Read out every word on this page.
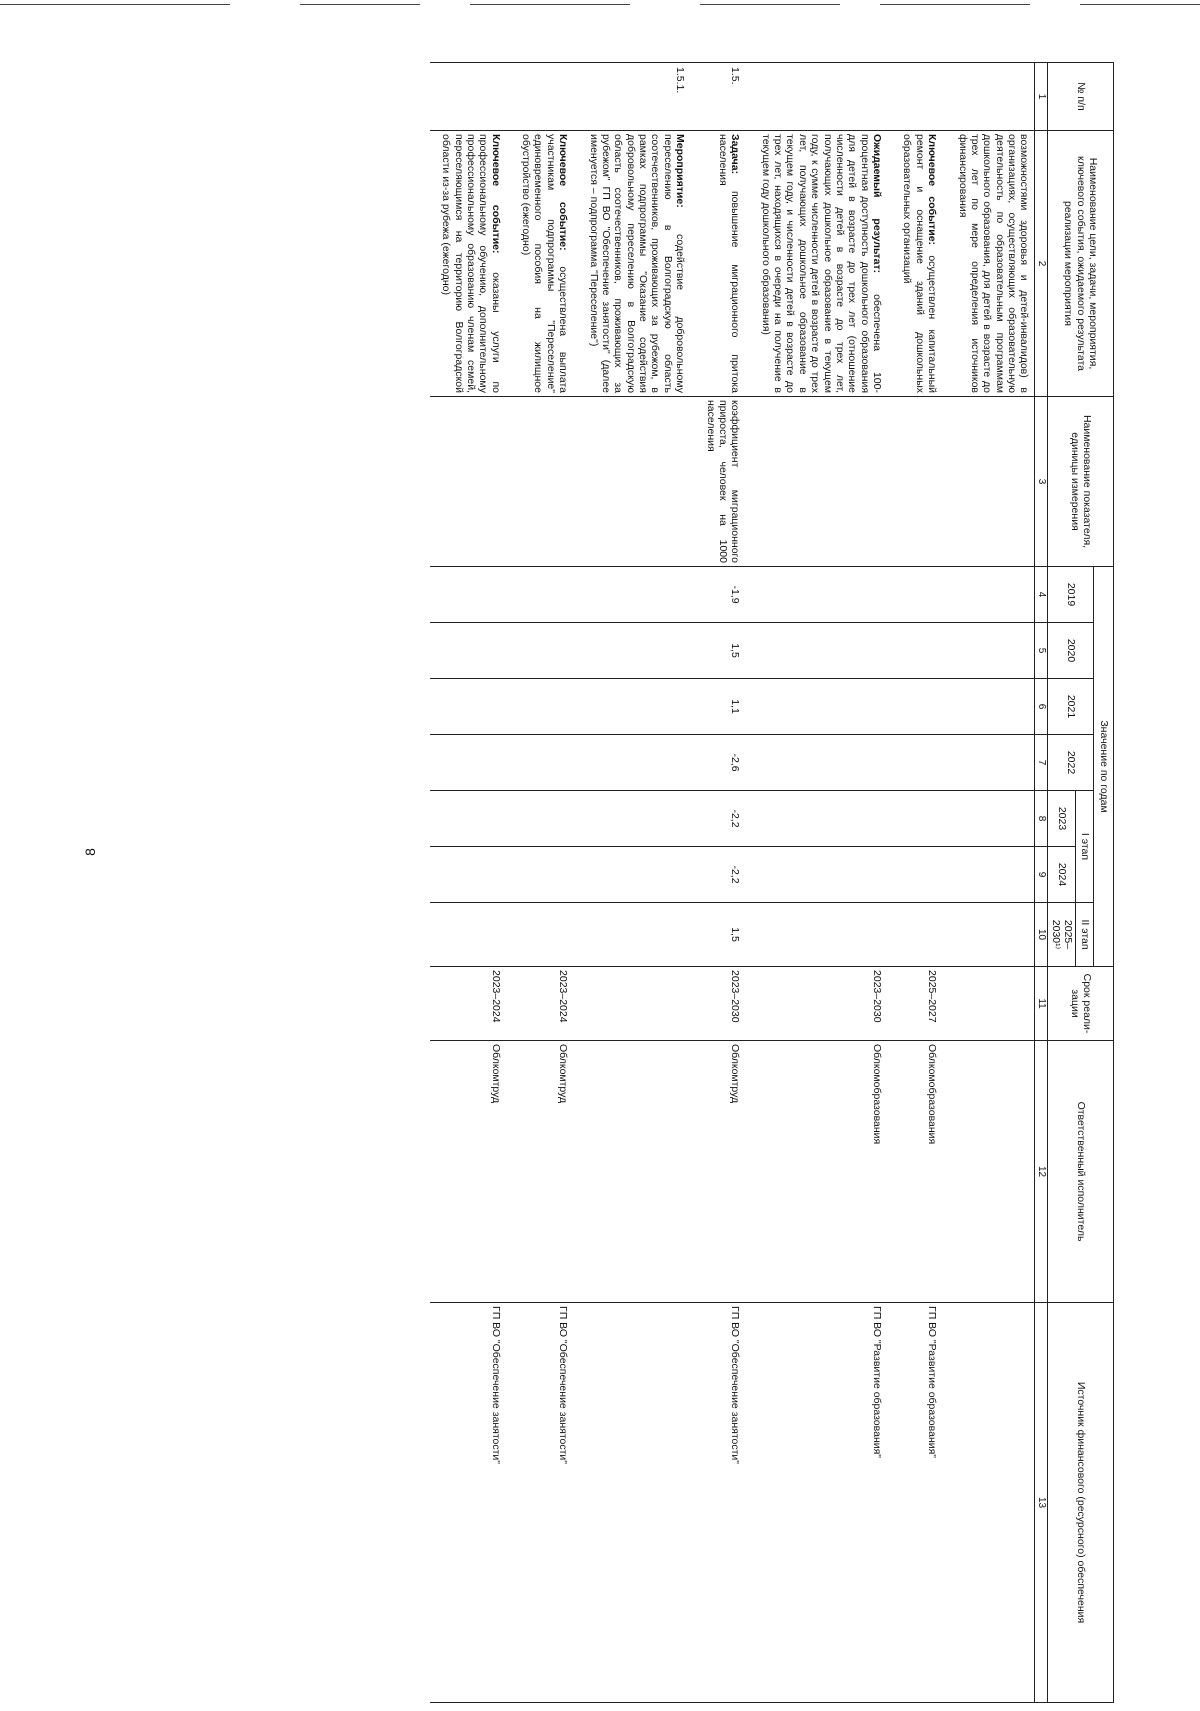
8
№ п/п	Наименование цели, задачи, мероприятия, ключевого события, ожидаемого результата реализации мероприятия	Наименование показателя, единицы измерения	Значение по годам							Срок реали-зации	Ответственный исполнитель	Источник финансового (ресурсного) обеспечения
			2019	2020	2021	2022	I этап		II этап			
							2023	2024	2025–2030¹⁾			
1	2	3	4	5	6	7	8	9	10	11	12	13
	возможностями здоровья и детей-инвалидов) в организациях, осуществляющих образовательную деятельность по образовательным программам дошкольного образования, для детей в возрасте до трех лет по мере определения источников финансирования											
	Ключевое событие: осуществлен капитальный ремонт и оснащение зданий дошкольных образовательных организаций									2025–2027	Облкомобразования	ГП ВО "Развитие образования"
	Ожидаемый результат: обеспечена 100-процентная доступность дошкольного образования для детей в возрасте до трех лет (отношение численности детей в возрасте до трех лет, получающих дошкольное образование в текущем году, к сумме численности детей в возрасте до трех лет, получающих дошкольное образование в текущем году, и численности детей в возрасте до трех лет, находящихся в очереди на получение в текущем году дошкольного образования)									2023–2030	Облкомобразования	ГП ВО "Развитие образования"
1.5.	Задача: повышение миграционного притока населения	коэффициент миграционного прироста, человек на 1000 населения	-1,9	1,5	1,1	-2,6	-2,2	-2,2	1,5	2023–2030	Облкомтруд	ГП ВО "Обеспечение занятости"
1.5.1.	Мероприятие: содействие добровольному переселению в Волгоградскую область соотечественников, проживающих за рубежом, в рамках подпрограммы "Оказание содействия добровольному переселению в Волгоградскую область соотечественников, проживающих за рубежом" ГП ВО "Обеспечение занятости" (далее именуется – подпрограмма "Переселение")											
	Ключевое событие: осуществлена выплата участникам подпрограммы "Переселение" единовременного пособия на жилищное обустройство (ежегодно)									2023–2024	Облкомтруд	ГП ВО "Обеспечение занятости"
	Ключевое событие: оказаны услуги по профессиональному обучению, дополнительному профессиональному образованию членам семей, переселяющимся на территорию Волгоградской области из-за рубежа (ежегодно)									2023–2024	Облкомтруд	ГП ВО "Обеспечение занятости"
